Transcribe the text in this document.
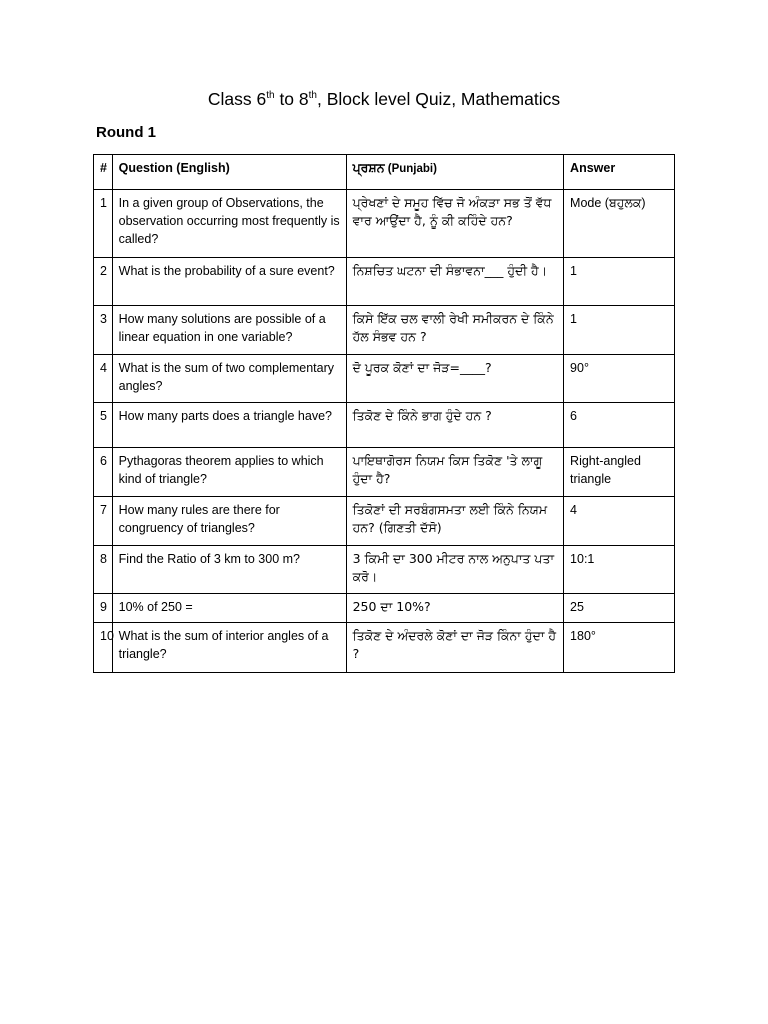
Class 6th to 8th, Block level Quiz, Mathematics
Round 1
#	Question (English)	ਪ੍ਰਸ਼ਨ (Punjabi)	Answer
1	In a given group of Observations, the observation occurring most frequently is called?	ਪ੍ਰੇਖਣਾਂ ਦੇ ਸਮੂਹ ਵਿੱਚ ਜੋ ਅੰਕੜਾ ਸਭ ਤੋਂ ਵੱਧ ਵਾਰ ਆਉਂਦਾ ਹੈ, ਨੂੰ ਕੀ ਕਹਿੰਦੇ ਹਨ?	Mode (ਬਹੁਲਕ)
2	What is the probability of a sure event?	ਨਿਸ਼ਚਿਤ ਘਟਨਾ ਦੀ ਸੰਭਾਵਨਾ___ ਹੁੰਦੀ ਹੈ।	1
3	How many solutions are possible of a linear equation in one variable?	ਕਿਸੇ ਇੱਕ ਚਲ ਵਾਲੀ ਰੇਖੀ ਸਮੀਕਰਨ ਦੇ ਕਿੰਨੇ ਹੱਲ ਸੰਭਵ ਹਨ ?	1
4	What is the sum of two complementary angles?	ਦੋ ਪੂਰਕ ਕੋਣਾਂ ਦਾ ਜੋੜ=____?	90°
5	How many parts does a triangle have?	ਤਿਕੋਣ ਦੇ ਕਿੰਨੇ ਭਾਗ ਹੁੰਦੇ ਹਨ ?	6
6	Pythagoras theorem applies to which kind of triangle?	ਪਾਇਥਾਗੋਰਸ ਨਿਯਮ ਕਿਸ ਤਿਕੋਣ 'ਤੇ ਲਾਗੂ ਹੁੰਦਾ ਹੈ?	Right-angled triangle
7	How many rules are there for congruency of triangles?	ਤਿਕੋਣਾਂ ਦੀ ਸਰਬੰਗਸਮਤਾ ਲਈ ਕਿੰਨੇ ਨਿਯਮ ਹਨ? (ਗਿਣਤੀ ਦੱਸੋ)	4
8	Find the Ratio of 3 km to 300 m?	3 ਕਿਮੀ ਦਾ 300 ਮੀਟਰ ਨਾਲ ਅਨੁਪਾਤ ਪਤਾ ਕਰੋ।	10:1
9	10% of 250 =	250 ਦਾ 10%?	25
10	What is the sum of interior angles of a triangle?	ਤਿਕੋਣ ਦੇ ਅੰਦਰਲੇ ਕੋਣਾਂ ਦਾ ਜੋੜ ਕਿੰਨਾ ਹੁੰਦਾ ਹੈ ?	180°
